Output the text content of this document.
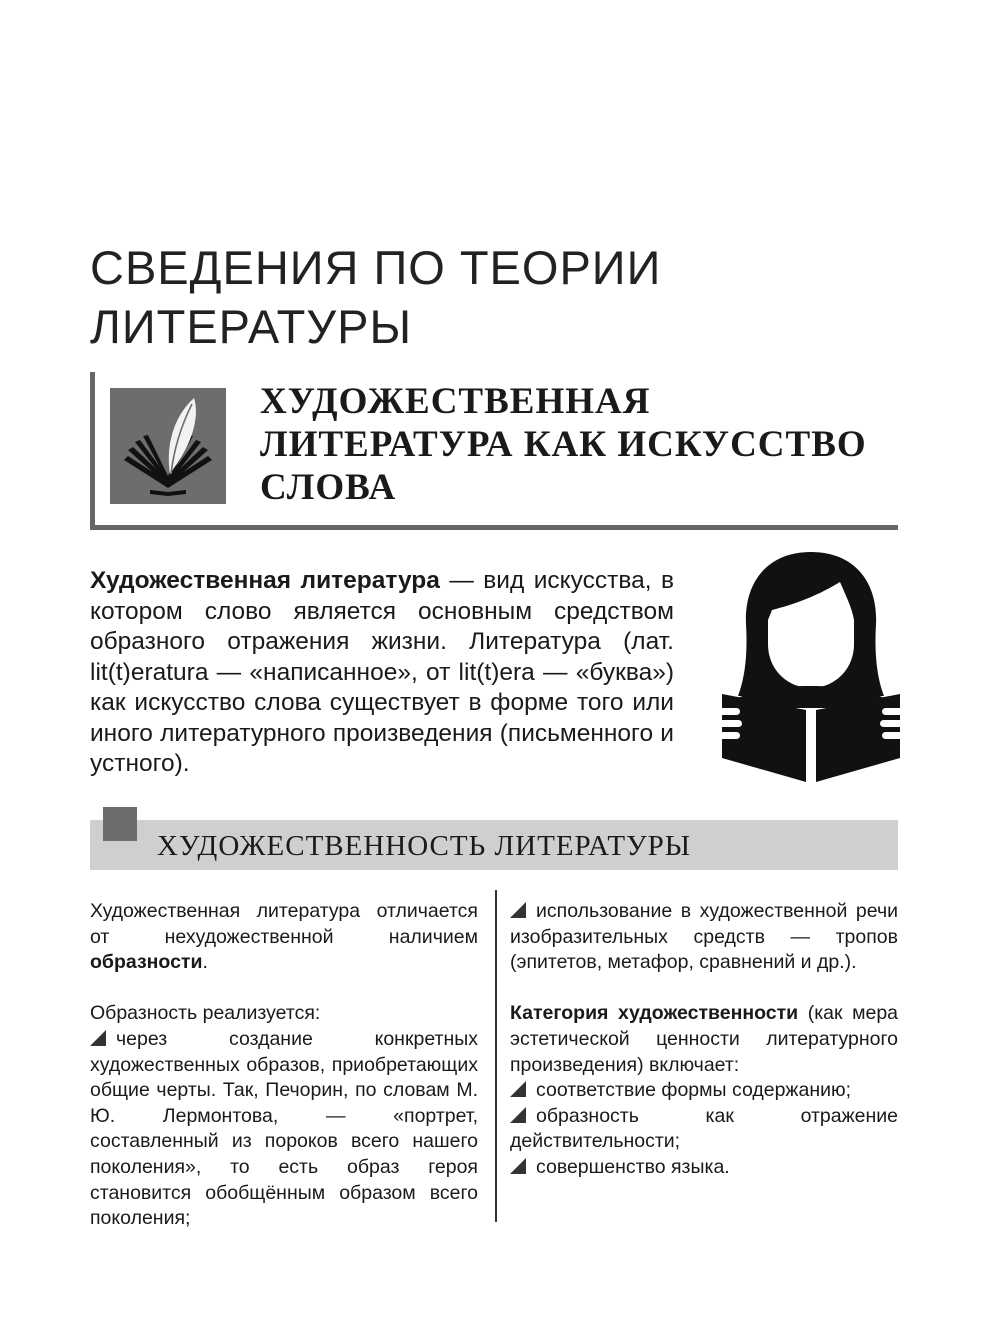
СВЕДЕНИЯ ПО ТЕОРИИ
ЛИТЕРАТУРЫ
ХУДОЖЕСТВЕННАЯ
ЛИТЕРАТУРА КАК ИСКУССТВО
СЛОВА

Художественная литература — вид искусства, в котором слово является основным средством образного отражения жизни. Литература (лат. lit(t)eratura — «написанное», от lit(t)era — «буква») как искусство слова существует в форме того или иного литературного произведения (письменного и устного).

ХУДОЖЕСТВЕННОСТЬ ЛИТЕРАТУРЫ

Художественная литература отличается от нехудожественной наличием образности.

Образность реализуется:

через создание конкретных художественных образов, приобретающих общие черты. Так, Печорин, по словам М. Ю. Лермонтова, — «портрет, составленный из пороков всего нашего поколения», то есть образ героя становится обобщённым образом всего поколения;

использование в художественной речи изобразительных средств — тропов (эпитетов, метафор, сравнений и др.).

Категория художественности (как мера эстетической ценности литературного произведения) включает:

соответствие формы содержанию;

образность как отражение действительности;

совершенство языка.
